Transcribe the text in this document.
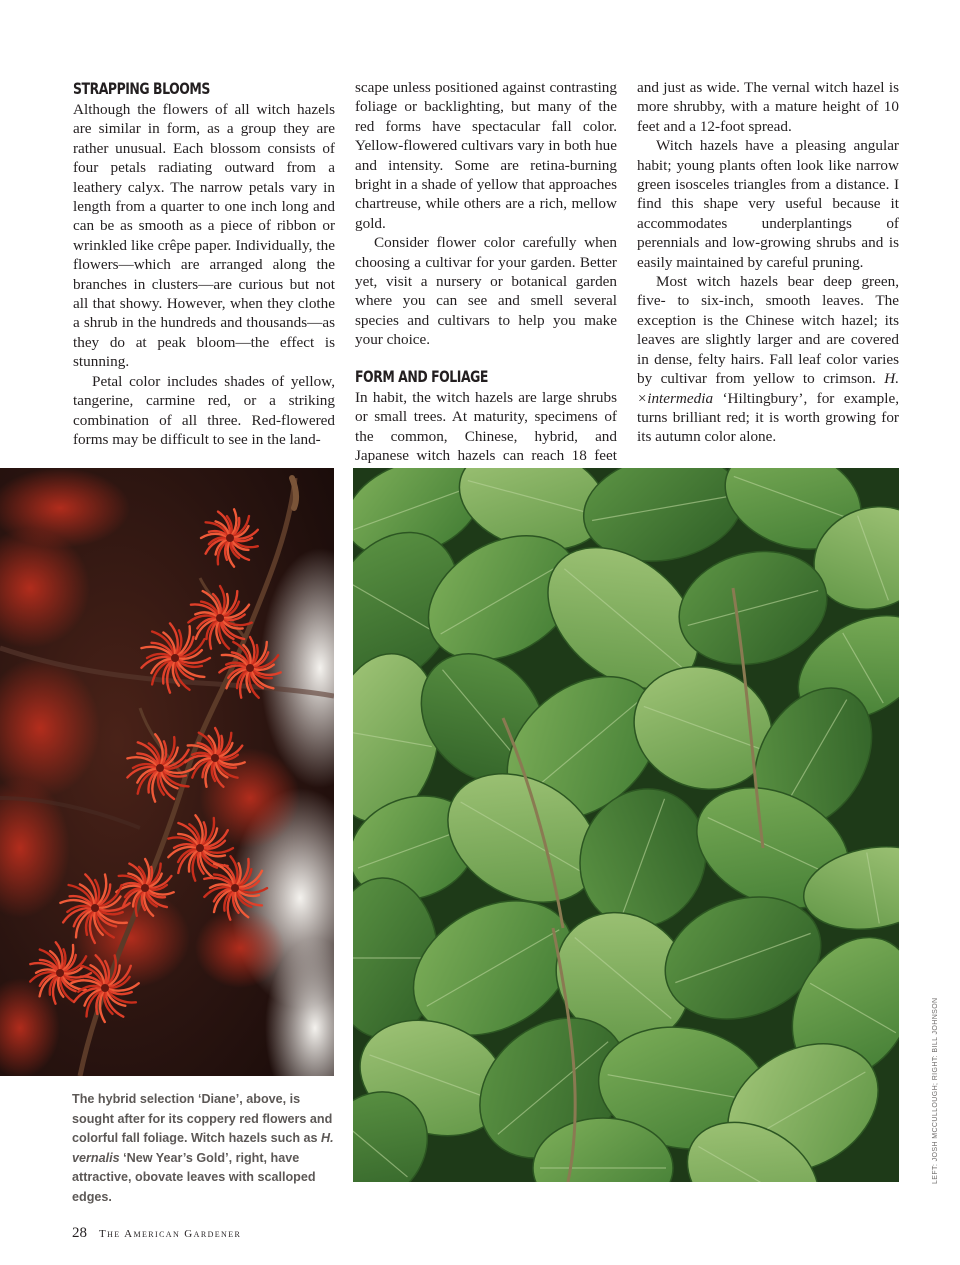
STRAPPING BLOOMS

Although the flowers of all witch hazels are similar in form, as a group they are rather unusual. Each blossom consists of four petals radiating outward from a leathery calyx. The narrow petals vary in length from a quarter to one inch long and can be as smooth as a piece of ribbon or wrinkled like crêpe paper. Individually, the flowers—which are arranged along the branches in clusters—are curious but not all that showy. However, when they clothe a shrub in the hundreds and thousands—as they do at peak bloom—the effect is stunning.

Petal color includes shades of yellow, tangerine, carmine red, or a striking combination of all three. Red-flowered forms may be difficult to see in the land-

scape unless positioned against contrasting foliage or backlighting, but many of the red forms have spectacular fall color. Yellow-flowered cultivars vary in both hue and intensity. Some are retina-burning bright in a shade of yellow that approaches chartreuse, while others are a rich, mellow gold.

Consider flower color carefully when choosing a cultivar for your garden. Better yet, visit a nursery or botanical garden where you can see and smell several species and cultivars to help you make your choice.

FORM AND FOLIAGE

In habit, the witch hazels are large shrubs or small trees. At maturity, specimens of the common, Chinese, hybrid, and Japanese witch hazels can reach 18 feet

and just as wide. The vernal witch hazel is more shrubby, with a mature height of 10 feet and a 12-foot spread.

Witch hazels have a pleasing angular habit; young plants often look like narrow green isosceles triangles from a distance. I find this shape very useful because it accommodates underplantings of perennials and low-growing shrubs and is easily maintained by careful pruning.

Most witch hazels bear deep green, five- to six-inch, smooth leaves. The exception is the Chinese witch hazel; its leaves are slightly larger and are covered in dense, felty hairs. Fall leaf color varies by cultivar from yellow to crimson. H. ×intermedia ‘Hiltingbury’, for example, turns brilliant red; it is worth growing for its autumn color alone.

The hybrid selection ‘Diane’, above, is sought after for its coppery red flowers and colorful fall foliage. Witch hazels such as H. vernalis ‘New Year’s Gold’, right, have attractive, obovate leaves with scalloped edges.

LEFT: JOSH MCCULLOUGH; RIGHT: BILL JOHNSON
28 The American Gardener
